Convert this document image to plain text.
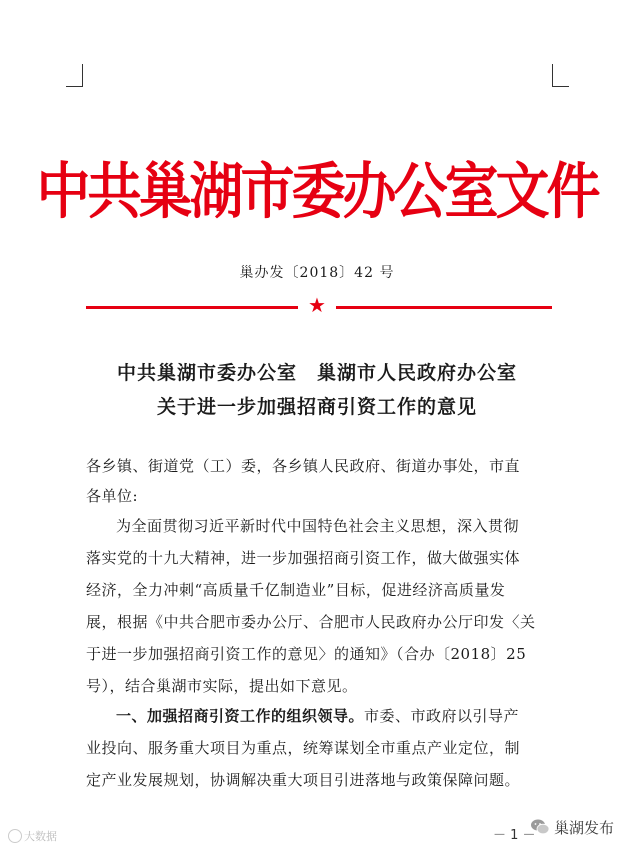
中共巢湖市委办公室文件
巢办发〔2018〕42 号
★
中共巢湖市委办公室　巢湖市人民政府办公室
关于进一步加强招商引资工作的意见
各乡镇、街道党（工）委，各乡镇人民政府、街道办事处，市直
各单位:
为全面贯彻习近平新时代中国特色社会主义思想，深入贯彻
落实党的十九大精神，进一步加强招商引资工作，做大做强实体
经济，全力冲刺“高质量千亿制造业”目标，促进经济高质量发
展，根据《中共合肥市委办公厅、合肥市人民政府办公厅印发〈关
于进一步加强招商引资工作的意见〉的通知》（合办〔2018〕25
号），结合巢湖市实际，提出如下意见。
一、加强招商引资工作的组织领导。市委、市政府以引导产
业投向、服务重大项目为重点，统筹谋划全市重点产业定位，制
定产业发展规划，协调解决重大项目引进落地与政策保障问题。
－ 1 － 巢湖发布
大数据
